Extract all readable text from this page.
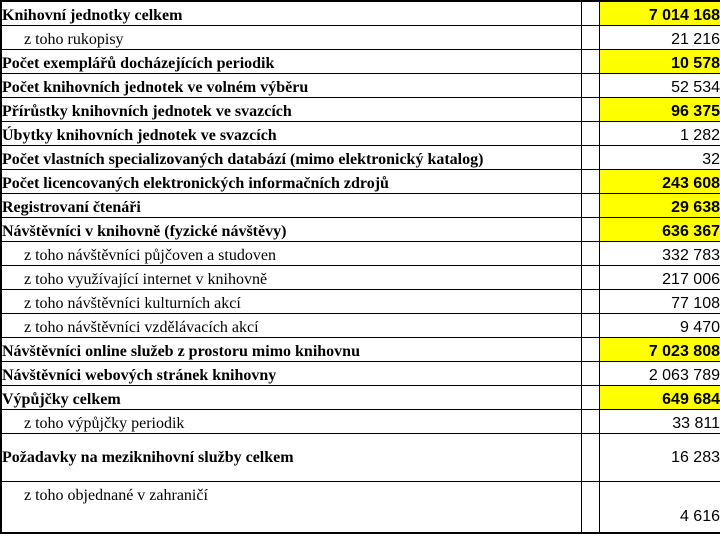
Knihovní jednotky celkem		7 014 168
z toho rukopisy		21 216
Počet exemplářů docházejících periodik		10 578
Počet knihovních jednotek ve volném výběru		52 534
Přírůstky knihovních jednotek ve svazcích		96 375
Úbytky knihovních jednotek ve svazcích		1 282
Počet vlastních specializovaných databází (mimo elektronický katalog)		32
Počet licencovaných elektronických informačních zdrojů		243 608
Registrovaní čtenáři		29 638
Návštěvníci v knihovně (fyzické návštěvy)		636 367
z toho návštěvníci půjčoven a studoven		332 783
z toho využívající internet v knihovně		217 006
z toho návštěvníci kulturních akcí		77 108
z toho návštěvníci vzdělávacích akcí		9 470
Návštěvníci online služeb z prostoru mimo knihovnu		7 023 808
Návštěvníci webových stránek knihovny		2 063 789
Výpůjčky celkem		649 684
z toho výpůjčky periodik		33 811
Požadavky na meziknihovní služby celkem		16 283
z toho objednané v zahraničí		4 616
